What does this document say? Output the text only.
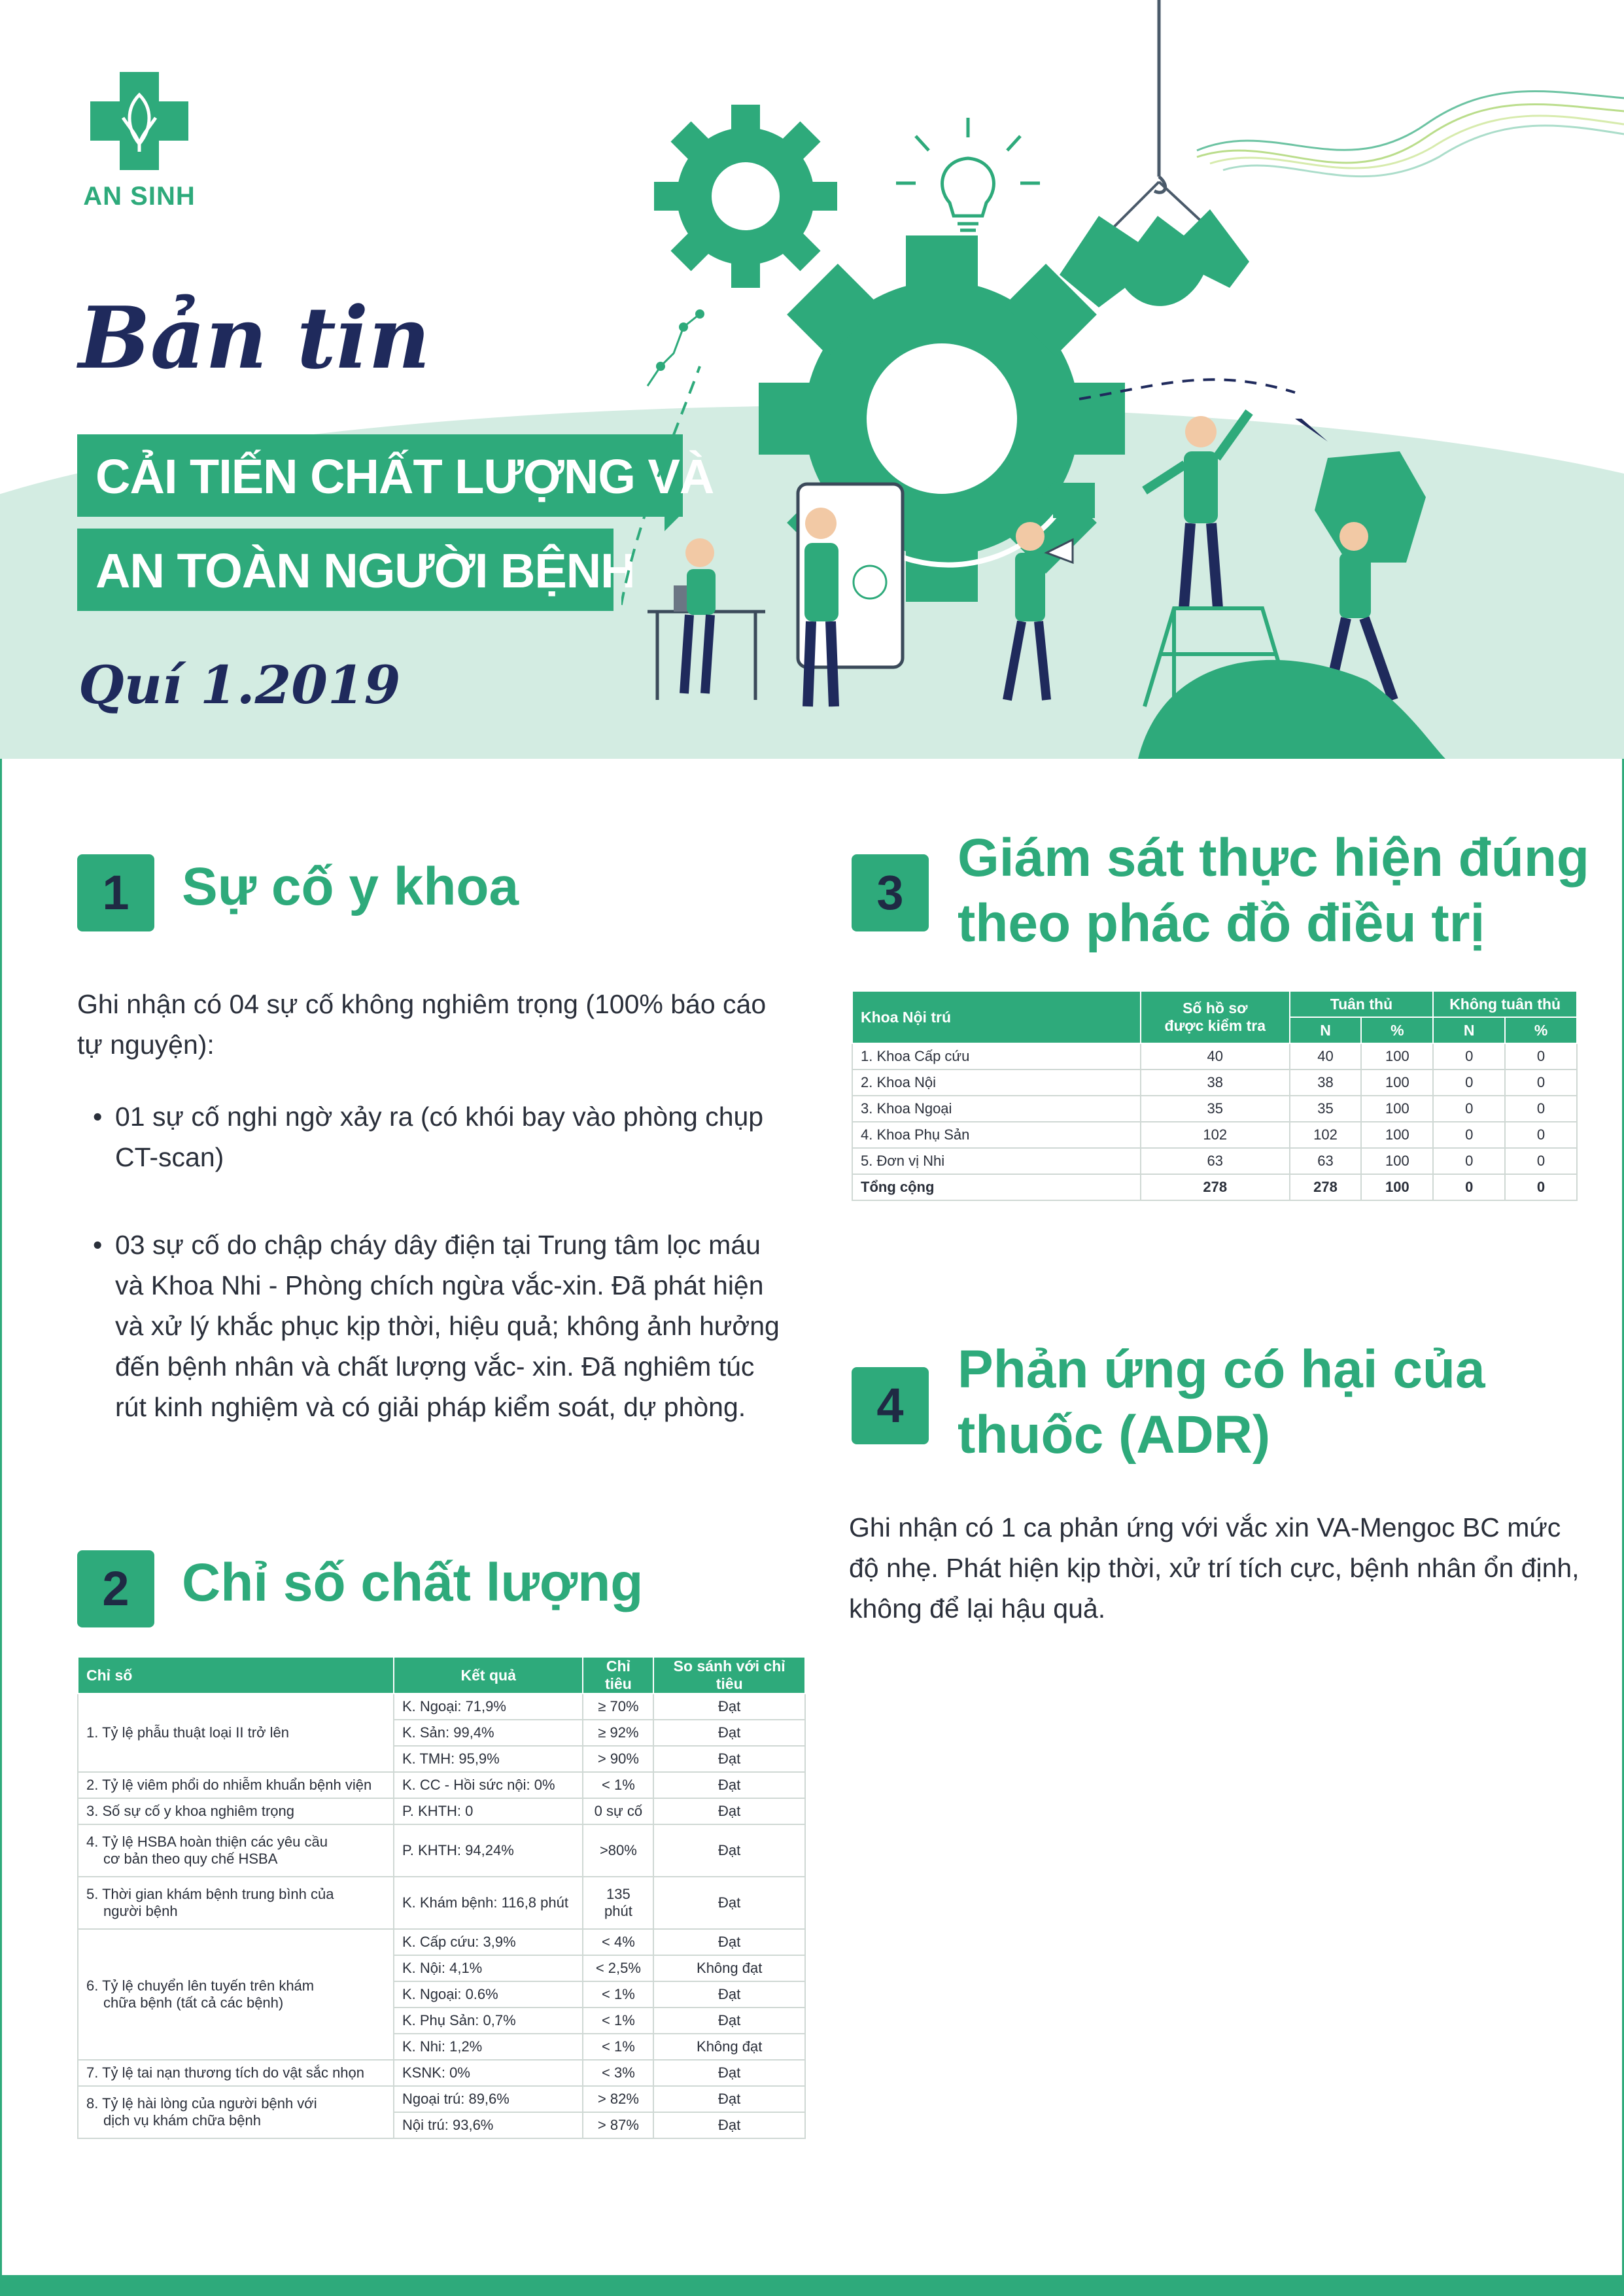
AN SINH
Bản tin
CẢI TIẾN CHẤT LƯỢNG VÀ
AN TOÀN NGƯỜI BỆNH
Quí 1.2019
1 Sự cố y khoa
Ghi nhận có 04 sự cố không nghiêm trọng (100% báo cáo
tự nguyện):
• 01 sự cố nghi ngờ xảy ra (có khói bay vào phòng chụp
CT-scan)
• 03 sự cố do chập cháy dây điện tại Trung tâm lọc máu
và Khoa Nhi - Phòng chích ngừa vắc-xin. Đã phát hiện
và xử lý khắc phục kịp thời, hiệu quả; không ảnh hưởng
đến bệnh nhân và chất lượng vắc- xin. Đã nghiêm túc
rút kinh nghiệm và có giải pháp kiểm soát, dự phòng.
2 Chỉ số chất lượng
Chỉ số	Kết quả	Chỉ tiêu	So sánh với chỉ tiêu
1. Tỷ lệ phẫu thuật loại II trở lên	K. Ngoại: 71,9%	≥ 70%	Đạt
	K. Sản: 99,4%	≥ 92%	Đạt
	K. TMH: 95,9%	> 90%	Đạt
2. Tỷ lệ viêm phổi do nhiễm khuẩn bệnh viện	K. CC - Hồi sức nội: 0%	< 1%	Đạt
3. Số sự cố y khoa nghiêm trọng	P. KHTH: 0	0 sự cố	Đạt

4. Tỷ lệ HSBA hoàn thiện các yêu cầu
cơ bản theo quy chế HSBA	P. KHTH: 94,24%	>80%	Đạt

5. Thời gian khám bệnh trung bình của
người bệnh	K. Khám bệnh: 116,8 phút	135 phút	Đạt

6. Tỷ lệ chuyển lên tuyến trên khám
chữa bệnh (tất cả các bệnh)	K. Cấp cứu: 3,9%	< 4%	Đạt
	K. Nội: 4,1%	< 2,5%	Không đạt
	K. Ngoại: 0.6%	< 1%	Đạt
	K. Phụ Sản: 0,7%	< 1%	Đạt
	K. Nhi: 1,2%	< 1%	Không đạt
7. Tỷ lệ tai nạn thương tích do vật sắc nhọn	KSNK: 0%	< 3%	Đạt

8. Tỷ lệ hài lòng của người bệnh với
dịch vụ khám chữa bệnh	Ngoại trú: 89,6%	> 82%	Đạt
	Nội trú: 93,6%	> 87%	Đạt
3
Giám sát thực hiện đúng
theo phác đồ điều trị
Khoa Nội trú	Số hồ sơ
được kiểm tra	Tuân thủ		Không tuân thủ	
		N	%	N	%
1. Khoa Cấp cứu	40	40	100	0	0
2. Khoa Nội	38	38	100	0	0
3. Khoa Ngoại	35	35	100	0	0
4. Khoa Phụ Sản	102	102	100	0	0
5. Đơn vị Nhi	63	63	100	0	0
Tổng cộng	278	278	100	0	0
4
Phản ứng có hại của
thuốc (ADR)
Ghi nhận có 1 ca phản ứng với vắc xin VA-Mengoc BC mức
độ nhẹ. Phát hiện kịp thời, xử trí tích cực, bệnh nhân ổn định,
không để lại hậu quả.
